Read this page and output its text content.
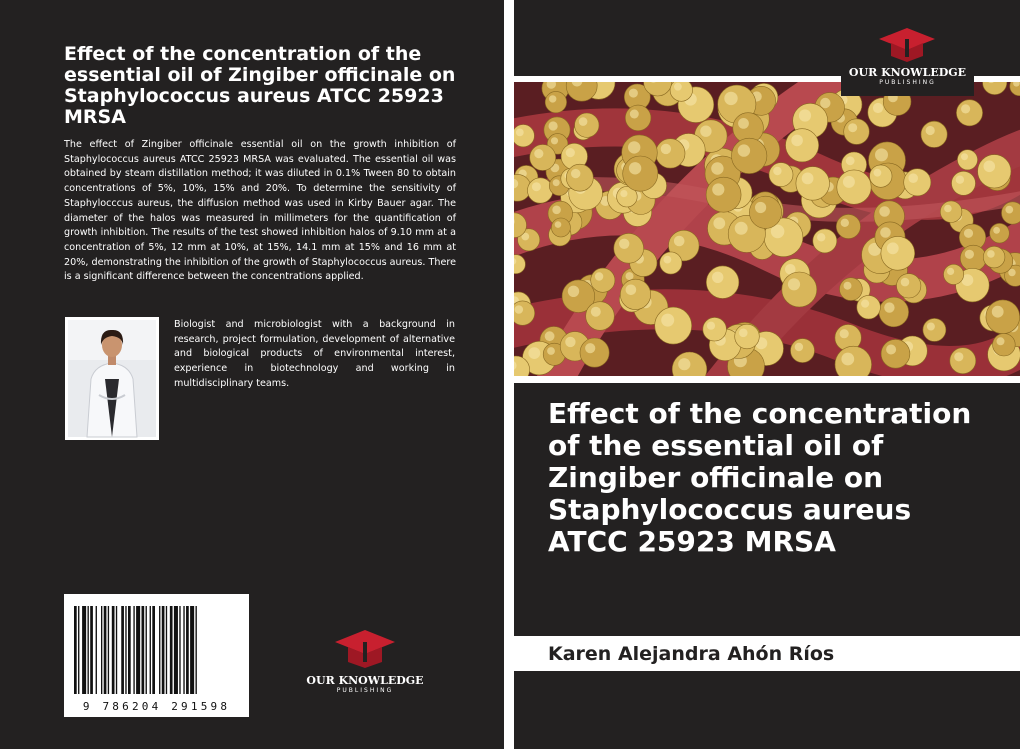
Effect of the concentration of the essential oil of Zingiber officinale on Staphylococcus aureus ATCC 25923 MRSA

The effect of Zingiber officinale essential oil on the growth inhibition of Staphylococcus aureus ATCC 25923 MRSA was evaluated. The essential oil was obtained by steam distillation method; it was diluted in 0.1% Tween 80 to obtain concentrations of 5%, 10%, 15% and 20%. To determine the sensitivity of Staphylocccus aureus, the diffusion method was used in Kirby Bauer agar. The diameter of the halos was measured in millimeters for the quantification of growth inhibition. The results of the test showed inhibition halos of 9.10 mm at a concentration of 5%, 12 mm at 10%, at 15%, 14.1 mm at 15% and 16 mm at 20%, demonstrating the inhibition of the growth of Staphylococcus aureus. There is a significant difference between the concentrations applied.

Biologist and microbiologist with a background in research, project formulation, development of alternative and biological products of environmental interest, experience in biotechnology and working in multidisciplinary teams.

9 786204 291598
OUR KNOWLEDGE
PUBLISHING
OUR KNOWLEDGE
PUBLISHING
Effect of the concentration of the essential oil of Zingiber officinale on Staphylococcus aureus ATCC 25923 MRSA

Karen Alejandra Ahón Ríos
